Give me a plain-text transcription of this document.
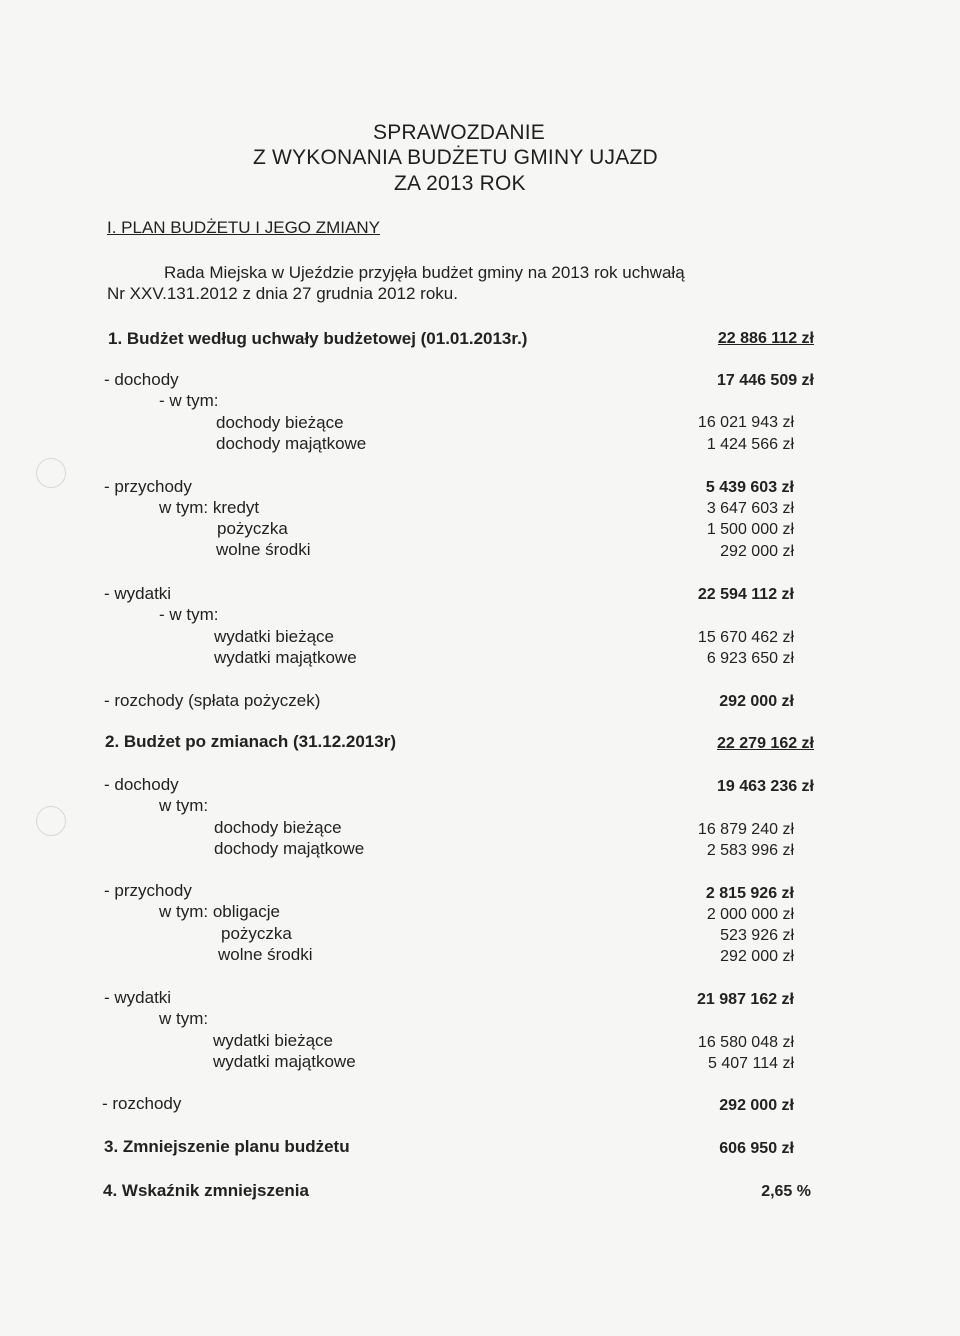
SPRAWOZDANIE
Z WYKONANIA BUDŻETU GMINY UJAZD
ZA 2013 ROK
I. PLAN BUDŻETU I JEGO ZMIANY
Rada Miejska w Ujeździe przyjęła budżet gminy na 2013 rok uchwałą
Nr XXV.131.2012 z dnia 27 grudnia 2012 roku.
1. Budżet według uchwały budżetowej (01.01.2013r.)	22 886 112 zł
- dochody	17 446 509 zł
- w tym:
dochody bieżące	16 021 943 zł
dochody majątkowe	1 424 566 zł
- przychody	5 439 603 zł
w tym: kredyt	3 647 603 zł
pożyczka	1 500 000 zł
wolne środki	292 000 zł
- wydatki	22 594 112 zł
- w tym:
wydatki bieżące	15 670 462 zł
wydatki majątkowe	6 923 650 zł
- rozchody (spłata pożyczek)	292 000 zł
2. Budżet po zmianach (31.12.2013r)	22 279 162 zł
- dochody	19 463 236 zł
w tym:
dochody bieżące	16 879 240 zł
dochody majątkowe	2 583 996 zł
- przychody	2 815 926 zł
w tym: obligacje	2 000 000 zł
pożyczka	523 926 zł
wolne środki	292 000 zł
- wydatki	21 987 162 zł
w tym:
wydatki bieżące	16 580 048 zł
wydatki majątkowe	5 407 114 zł
- rozchody	292 000 zł
3. Zmniejszenie planu budżetu	606 950 zł
4. Wskaźnik zmniejszenia	2,65 %
